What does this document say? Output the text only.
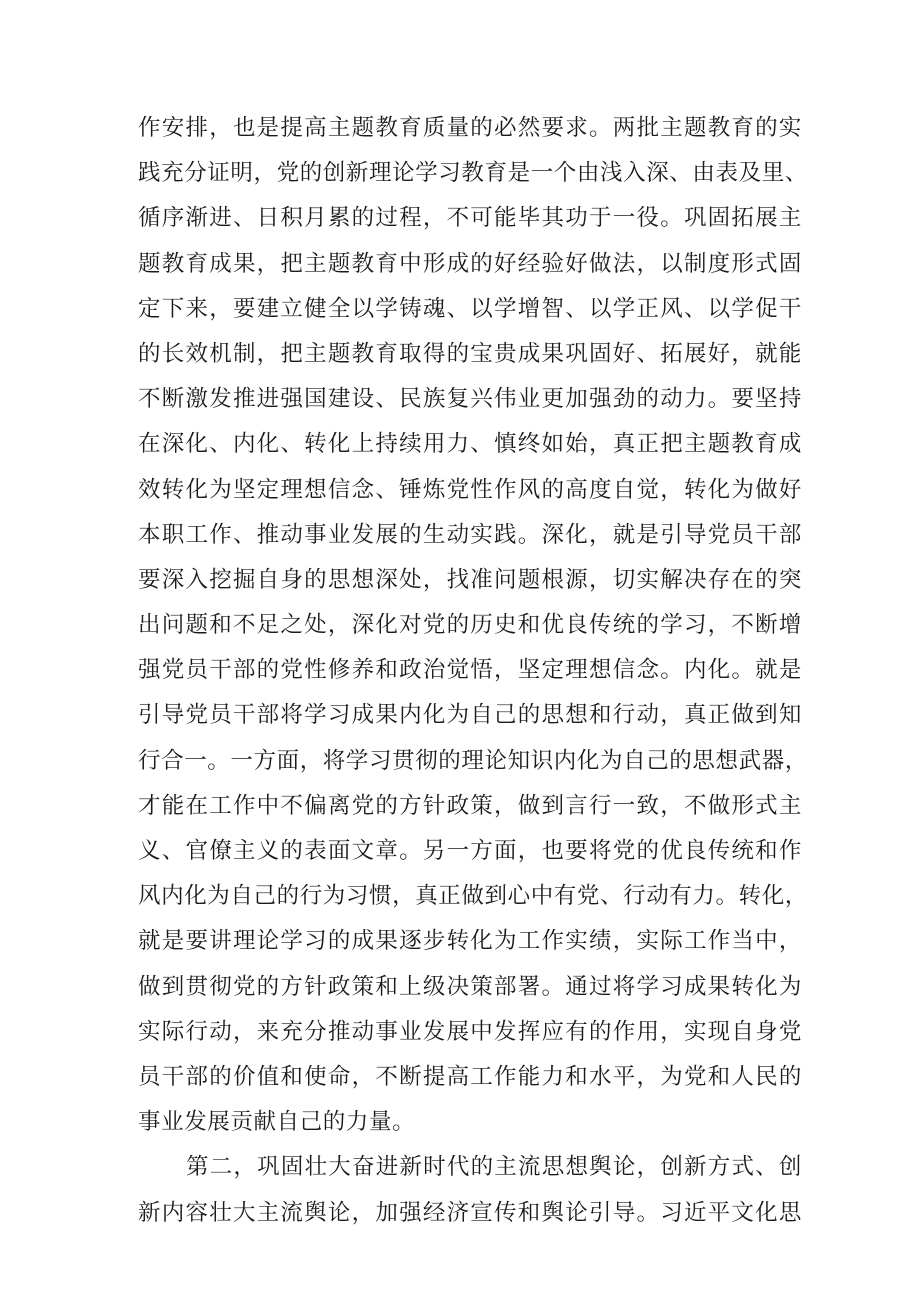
作安排，也是提高主题教育质量的必然要求。两批主题教育的实
践充分证明，党的创新理论学习教育是一个由浅入深、由表及里、
循序渐进、日积月累的过程，不可能毕其功于一役。巩固拓展主
题教育成果，把主题教育中形成的好经验好做法，以制度形式固
定下来，要建立健全以学铸魂、以学增智、以学正风、以学促干
的长效机制，把主题教育取得的宝贵成果巩固好、拓展好，就能
不断激发推进强国建设、民族复兴伟业更加强劲的动力。要坚持
在深化、内化、转化上持续用力、慎终如始，真正把主题教育成
效转化为坚定理想信念、锤炼党性作风的高度自觉，转化为做好
本职工作、推动事业发展的生动实践。深化，就是引导党员干部
要深入挖掘自身的思想深处，找准问题根源，切实解决存在的突
出问题和不足之处，深化对党的历史和优良传统的学习，不断增
强党员干部的党性修养和政治觉悟，坚定理想信念。内化。就是
引导党员干部将学习成果内化为自己的思想和行动，真正做到知
行合一。一方面，将学习贯彻的理论知识内化为自己的思想武器，
才能在工作中不偏离党的方针政策，做到言行一致，不做形式主
义、官僚主义的表面文章。另一方面，也要将党的优良传统和作
风内化为自己的行为习惯，真正做到心中有党、行动有力。转化，
就是要讲理论学习的成果逐步转化为工作实绩，实际工作当中，
做到贯彻党的方针政策和上级决策部署。通过将学习成果转化为
实际行动，来充分推动事业发展中发挥应有的作用，实现自身党
员干部的价值和使命，不断提高工作能力和水平，为党和人民的
事业发展贡献自己的力量。
第二，巩固壮大奋进新时代的主流思想舆论，创新方式、创
新内容壮大主流舆论，加强经济宣传和舆论引导。习近平文化思
